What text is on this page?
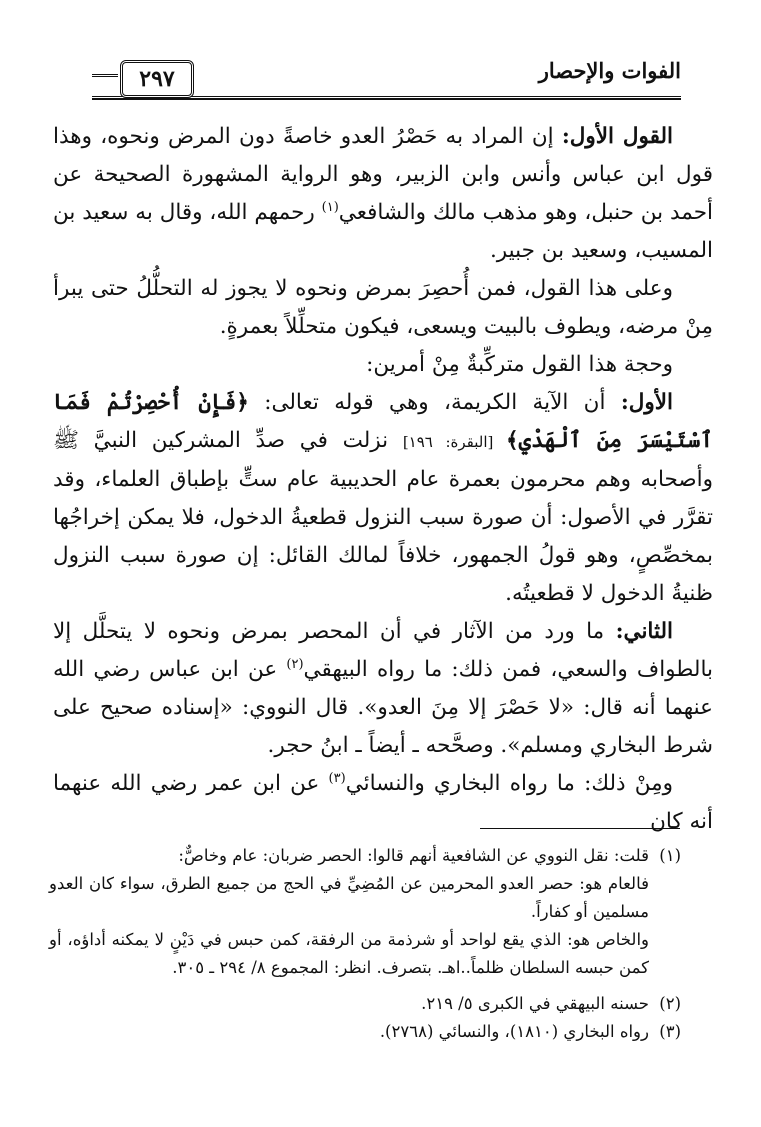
٢٩٧	الفوات والإحصار

القول الأول: إن المراد به حَصْرُ العدو خاصةً دون المرض ونحوه، وهذا قول ابن عباس وأنس وابن الزبير، وهو الرواية المشهورة الصحيحة عن أحمد بن حنبل، وهو مذهب مالك والشافعي$^{(١)}$ رحمهم الله، وقال به سعيد بن المسيب، وسعيد بن جبير.

وعلى هذا القول، فمن أُحصِرَ بمرض ونحوه لا يجوز له التحلُّلُ حتى يبرأ مِنْ مرضه، ويطوف بالبيت ويسعى، فيكون متحلِّلاً بعمرةٍ.

وحجة هذا القول متركِّبةٌ مِنْ أمرين:

الأول: أن الآية الكريمة، وهي قوله تعالى: ﴿فَإِنْ أُحْصِرْتُمْ فَمَا ٱسْتَيْسَرَ مِنَ ٱلْهَدْيِ﴾ [البقرة: ١٩٦] نزلت في صدِّ المشركين النبيَّ ﷺ وأصحابه وهم محرمون بعمرة عام الحديبية عام ستٍّ بإطباق العلماء، وقد تقرَّر في الأصول: أن صورة سبب النزول قطعيةُ الدخول، فلا يمكن إخراجُها بمخصِّصٍ، وهو قولُ الجمهور، خلافاً لمالك القائل: إن صورة سبب النزول ظنيةُ الدخول لا قطعيتُه.

الثاني: ما ورد من الآثار في أن المحصر بمرض ونحوه لا يتحلَّل إلا بالطواف والسعي، فمن ذلك: ما رواه البيهقي$^{(٢)}$ عن ابن عباس رضي الله عنهما أنه قال: «لا حَصْرَ إلا مِنَ العدو». قال النووي: «إسناده صحيح على شرط البخاري ومسلم». وصحَّحه ـ أيضاً ـ ابنُ حجر.

ومِنْ ذلك: ما رواه البخاري والنسائي$^{(٣)}$ عن ابن عمر رضي الله عنهما أنه كان

(١)
قلت: نقل النووي عن الشافعية أنهم قالوا: الحصر ضربان: عام وخاصٌّ:
فالعام هو: حصر العدو المحرمين عن المُضِيِّ في الحج من جميع الطرق، سواء كان العدو مسلمين أو كفاراً.
والخاص هو: الذي يقع لواحد أو شرذمة من الرفقة، كمن حبس في دَيْنٍ لا يمكنه أداؤه، أو كمن حبسه السلطان ظلماً..اهـ. بتصرف. انظر: المجموع ٨/ ٢٩٤ ـ ٣٠٥.
(٢)
حسنه البيهقي في الكبرى ٥/ ٢١٩.
(٣)
رواه البخاري (١٨١٠)، والنسائي (٢٧٦٨).
